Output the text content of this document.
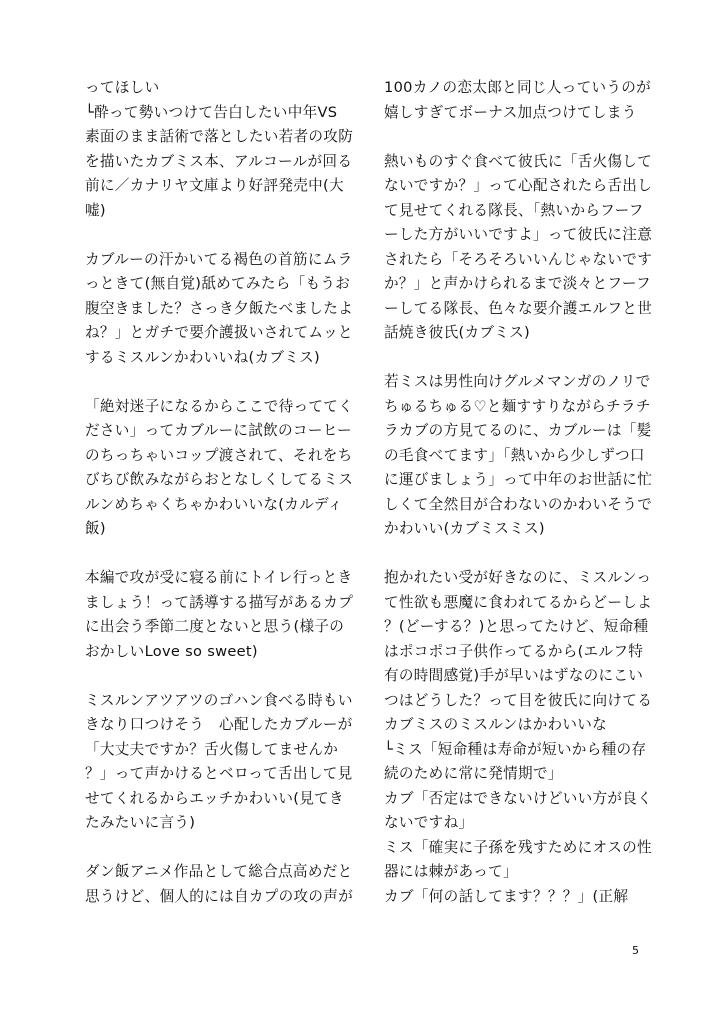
ってほしい
└酔って勢いつけて告白したい中年VS
素面のまま話術で落としたい若者の攻防
を描いたカブミス本、アルコールが回る
前に／カナリヤ文庫より好評発売中(大
嘘)
カブルーの汗かいてる褐色の首筋にムラ
っときて(無自覚)舐めてみたら「もうお
腹空きました？さっき夕飯たべましたよ
ね？」とガチで要介護扱いされてムッと
するミスルンかわいいね(カブミス)
「絶対迷子になるからここで待っててく
ださい」ってカブルーに試飲のコーヒー
のちっちゃいコップ渡されて、それをち
びちび飲みながらおとなしくしてるミス
ルンめちゃくちゃかわいいな(カルディ
飯)
本編で攻が受に寝る前にトイレ行っとき
ましょう！って誘導する描写があるカプ
に出会う季節二度とないと思う(様子の
おかしいLove so sweet)
ミスルンアツアツのゴハン食べる時もい
きなり口つけそう　心配したカブルーが
「大丈夫ですか？舌火傷してませんか
？」って声かけるとベロって舌出して見
せてくれるからエッチかわいい(見てき
たみたいに言う)
ダン飯アニメ作品として総合点高めだと
思うけど、個人的には自カプの攻の声が
100カノの恋太郎と同じ人っていうのが
嬉しすぎてボーナス加点つけてしまう
熱いものすぐ食べて彼氏に「舌火傷して
ないですか？」って心配されたら舌出し
て見せてくれる隊長、「熱いからフーフ
ーした方がいいですよ」って彼氏に注意
されたら「そろそろいいんじゃないです
か？」と声かけられるまで淡々とフーフ
ーしてる隊長、色々な要介護エルフと世
話焼き彼氏(カブミス)
若ミスは男性向けグルメマンガのノリで
ちゅるちゅる♡と麺すすりながらチラチ
ラカブの方見てるのに、カブルーは「髪
の毛食べてます」「熱いから少しずつ口
に運びましょう」って中年のお世話に忙
しくて全然目が合わないのかわいそうで
かわいい(カブミスミス)
抱かれたい受が好きなのに、ミスルンっ
て性欲も悪魔に食われてるからどーしよ
？(どーする？)と思ってたけど、短命種
はポコポコ子供作ってるから(エルフ特
有の時間感覚)手が早いはずなのにこい
つはどうした？って目を彼氏に向けてる
カブミスのミスルンはかわいいな
└ミス「短命種は寿命が短いから種の存
続のために常に発情期で」
カブ「否定はできないけどいい方が良く
ないですね」
ミス「確実に子孫を残すためにオスの性
器には棘があって」
カブ「何の話してます？？？」(正解
5
